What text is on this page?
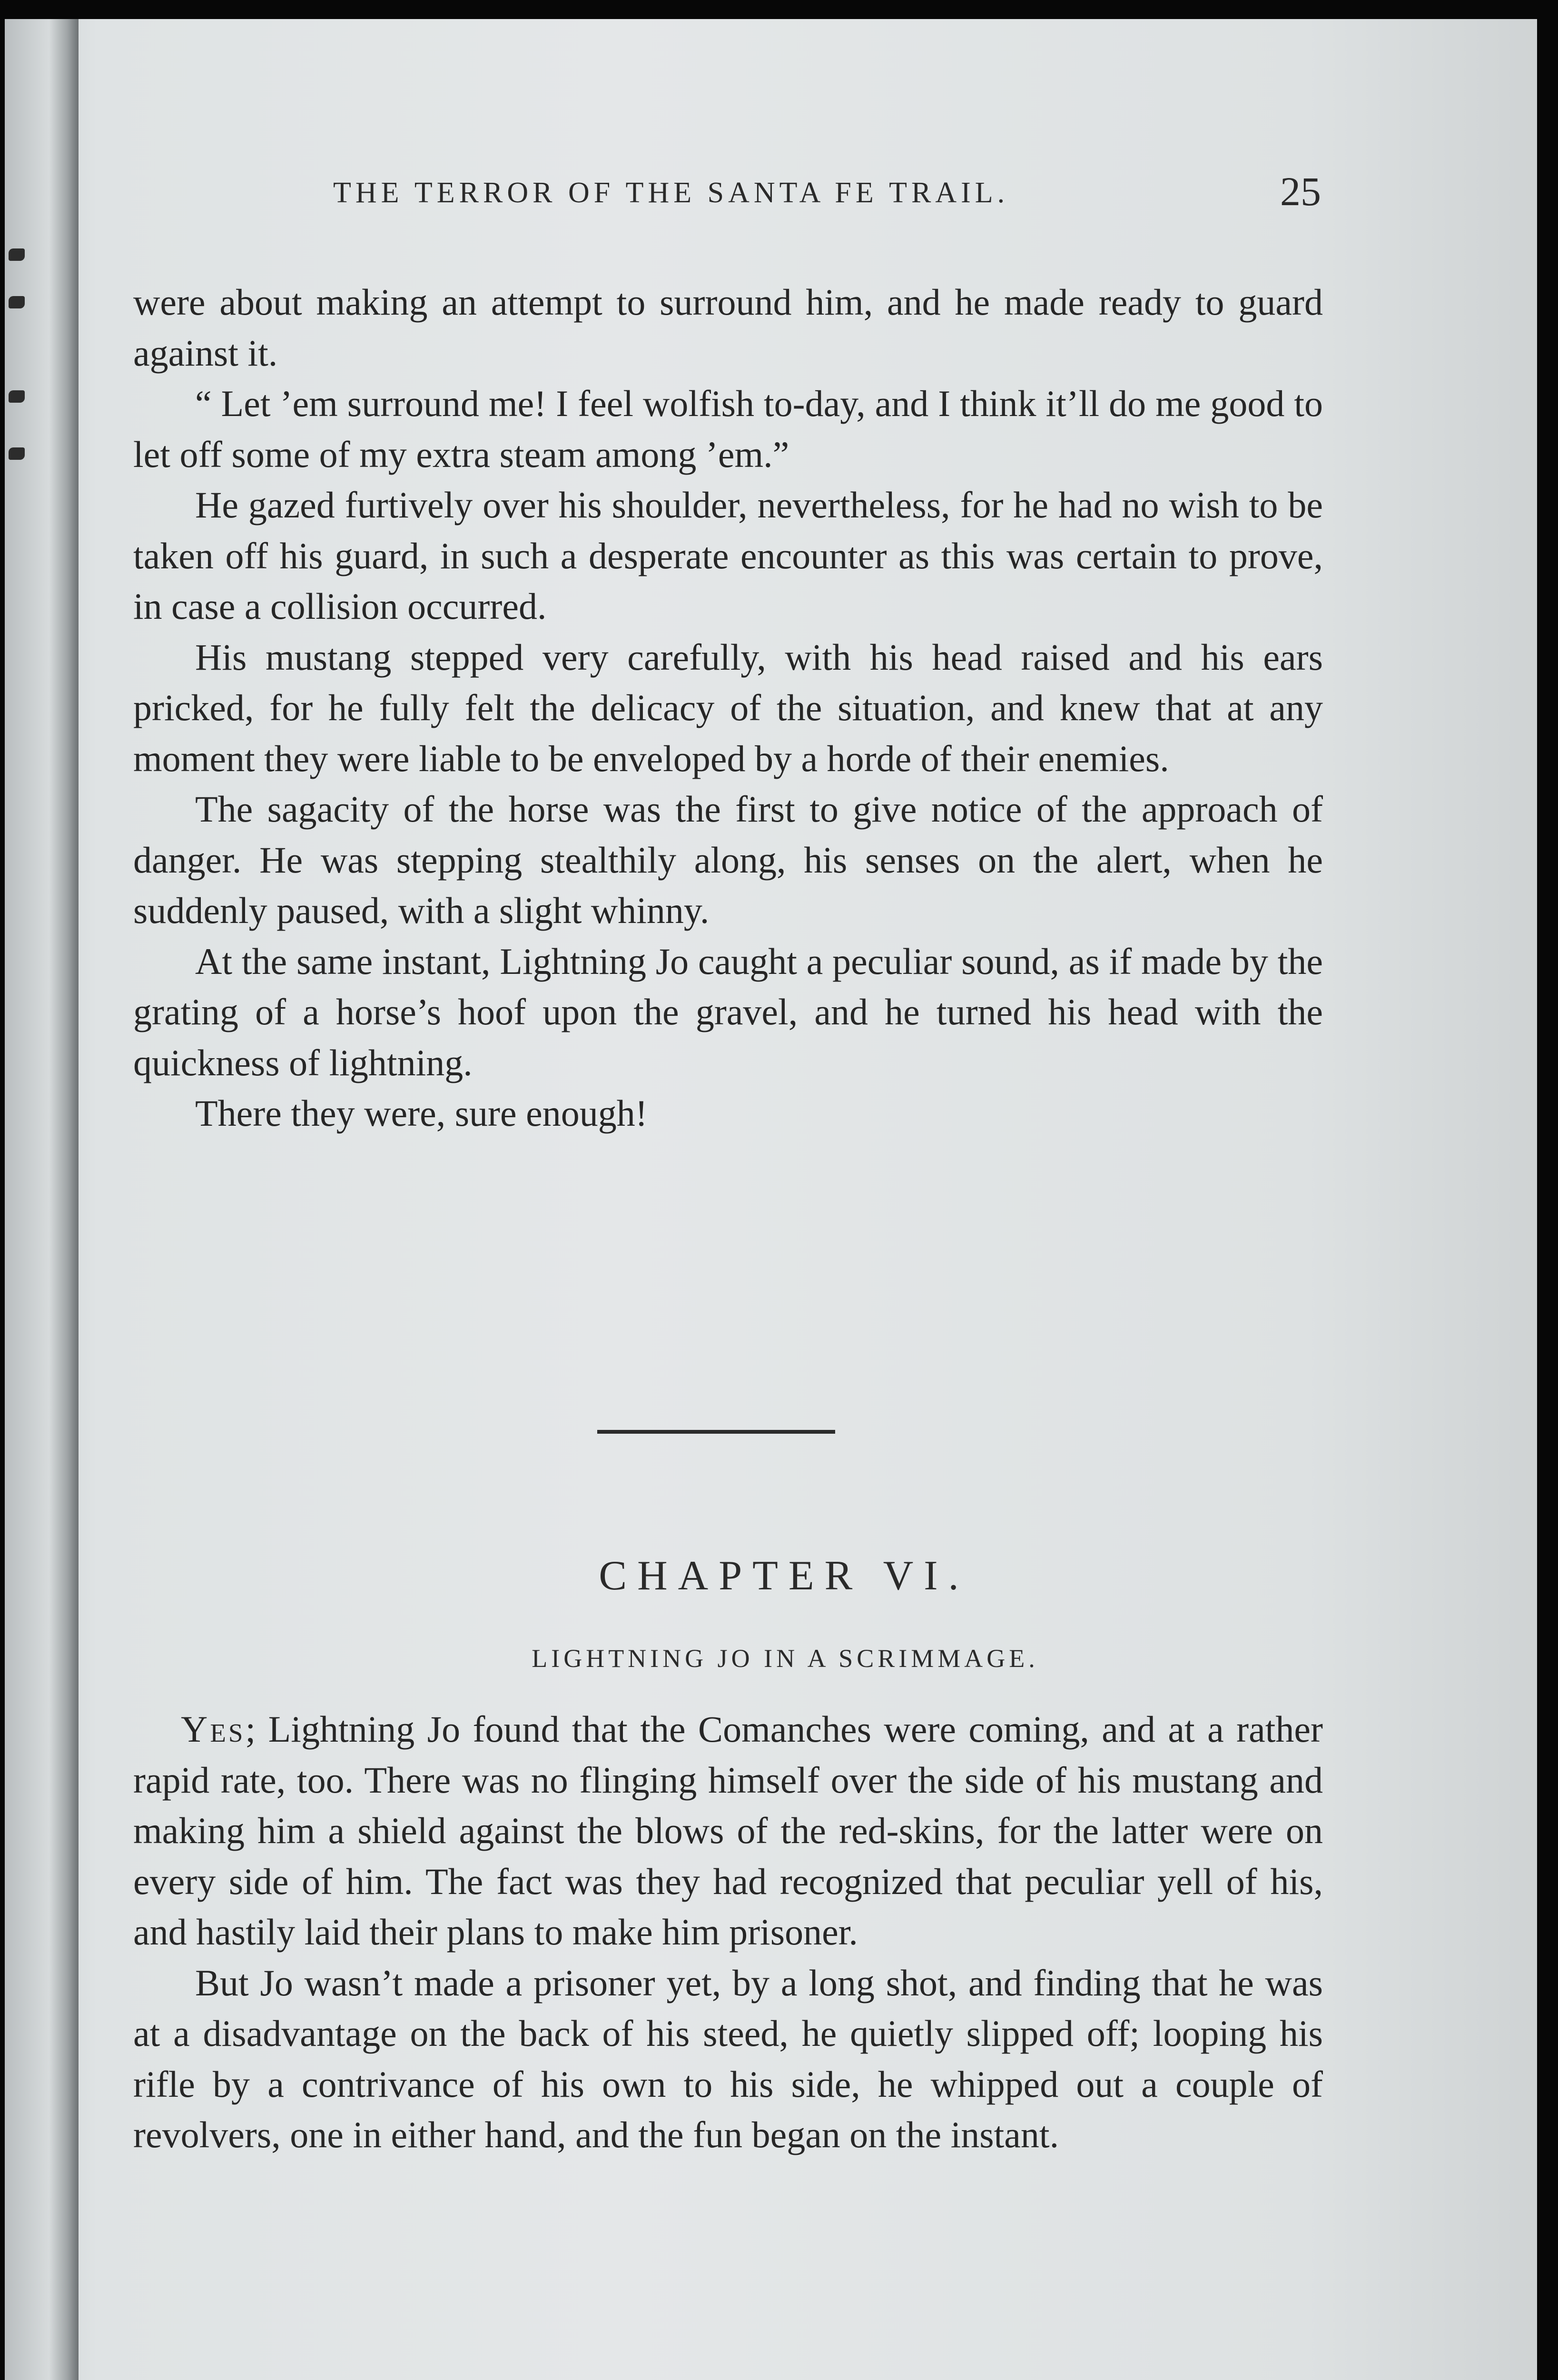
THE TERROR OF THE SANTA FE TRAIL.	25

were about making an attempt to surround him, and he made ready to guard against it.

“ Let ’em surround me! I feel wolfish to-day, and I think it’ll do me good to let off some of my extra steam among ’em.”

He gazed furtively over his shoulder, nevertheless, for he had no wish to be taken off his guard, in such a desperate encounter as this was certain to prove, in case a collision occurred.

His mustang stepped very carefully, with his head raised and his ears pricked, for he fully felt the delicacy of the situation, and knew that at any moment they were liable to be enveloped by a horde of their enemies.

The sagacity of the horse was the first to give notice of the approach of danger. He was stepping stealthily along, his senses on the alert, when he suddenly paused, with a slight whinny.

At the same instant, Lightning Jo caught a peculiar sound, as if made by the grating of a horse’s hoof upon the gravel, and he turned his head with the quickness of lightning.

There they were, sure enough!

CHAPTER VI.
LIGHTNING JO IN A SCRIMMAGE.

Yes; Lightning Jo found that the Comanches were coming, and at a rather rapid rate, too. There was no flinging himself over the side of his mustang and making him a shield against the blows of the red-skins, for the latter were on every side of him. The fact was they had recognized that peculiar yell of his, and hastily laid their plans to make him prisoner.

But Jo wasn’t made a prisoner yet, by a long shot, and finding that he was at a disadvantage on the back of his steed, he quietly slipped off; looping his rifle by a contrivance of his own to his side, he whipped out a couple of revolvers, one in either hand, and the fun began on the instant.
